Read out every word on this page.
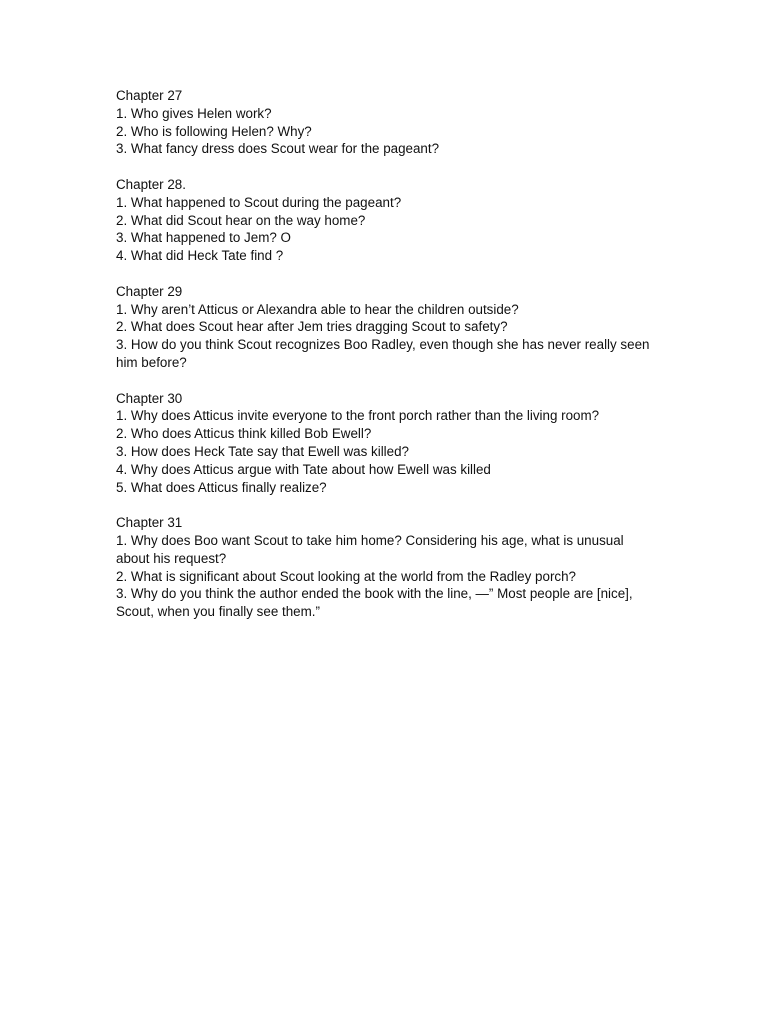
Chapter 27
1. Who gives Helen work?
2. Who is following Helen? Why?
3. What fancy dress does Scout wear for the pageant?
Chapter 28.
1. What happened to Scout during the pageant?
2. What did Scout hear on the way home?
3. What happened to Jem? O
4. What did Heck Tate find ?
Chapter 29
1. Why aren’t Atticus or Alexandra able to hear the children outside?
2. What does Scout hear after Jem tries dragging Scout to safety?
3. How do you think Scout recognizes Boo Radley, even though she has never really seen him before?
Chapter 30
1. Why does Atticus invite everyone to the front porch rather than the living room?
2. Who does Atticus think killed Bob Ewell?
3. How does Heck Tate say that Ewell was killed?
4. Why does Atticus argue with Tate about how Ewell was killed
5. What does Atticus finally realize?
Chapter 31
1. Why does Boo want Scout to take him home? Considering his age, what is unusual about his request?
2. What is significant about Scout looking at the world from the Radley porch?
3. Why do you think the author ended the book with the line, —” Most people are [nice], Scout, when you finally see them.”
